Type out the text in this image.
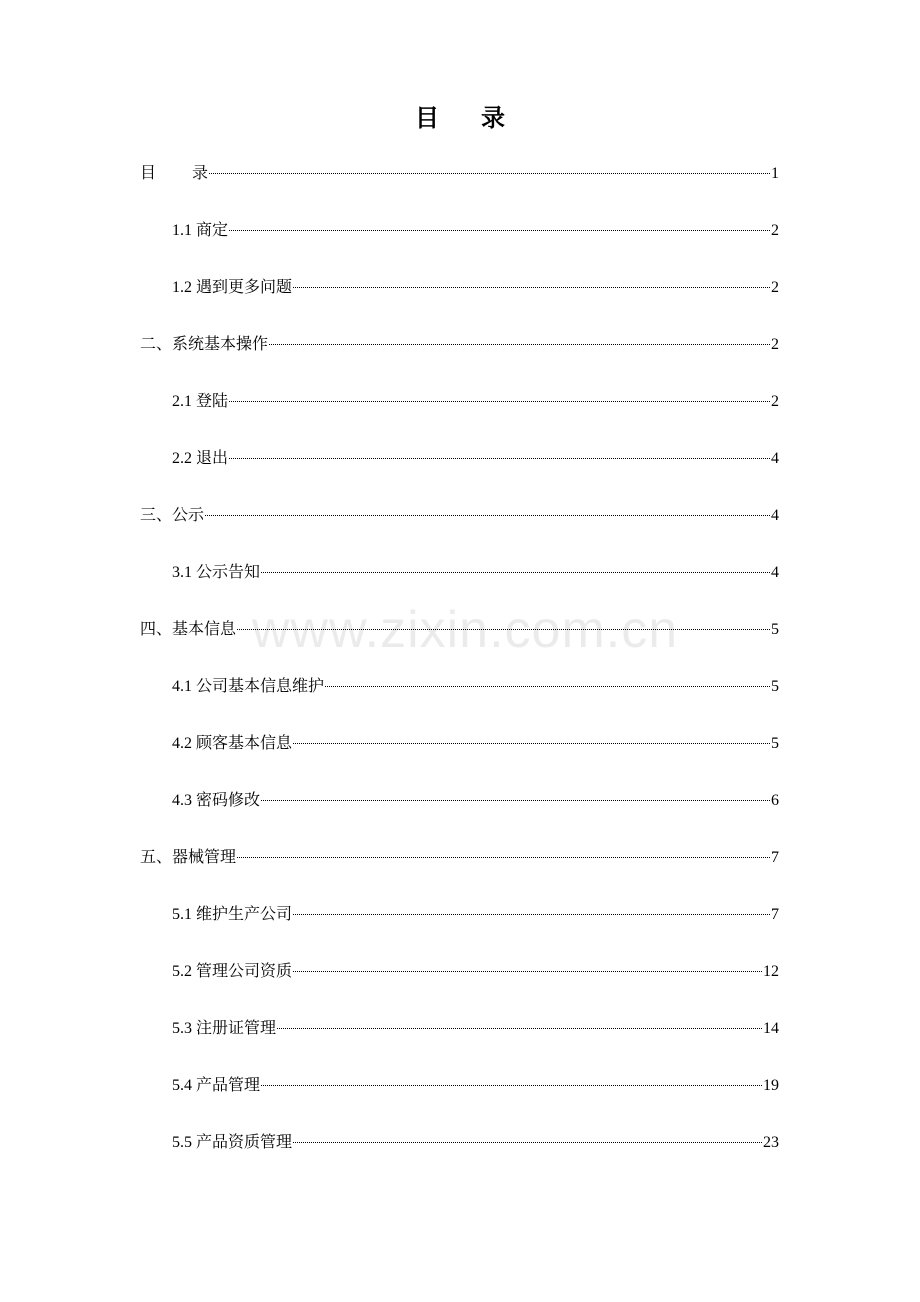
目 录
www.zixin.com.cn
目 录	1
1.1 商定	2
1.2 遇到更多问题	2
二、系统基本操作	2
2.1 登陆	2
2.2 退出	4
三、公示	4
3.1 公示告知	4
四、基本信息	5
4.1 公司基本信息维护	5
4.2 顾客基本信息	5
4.3 密码修改	6
五、器械管理	7
5.1 维护生产公司	7
5.2 管理公司资质	12
5.3 注册证管理	14
5.4 产品管理	19
5.5 产品资质管理	23
